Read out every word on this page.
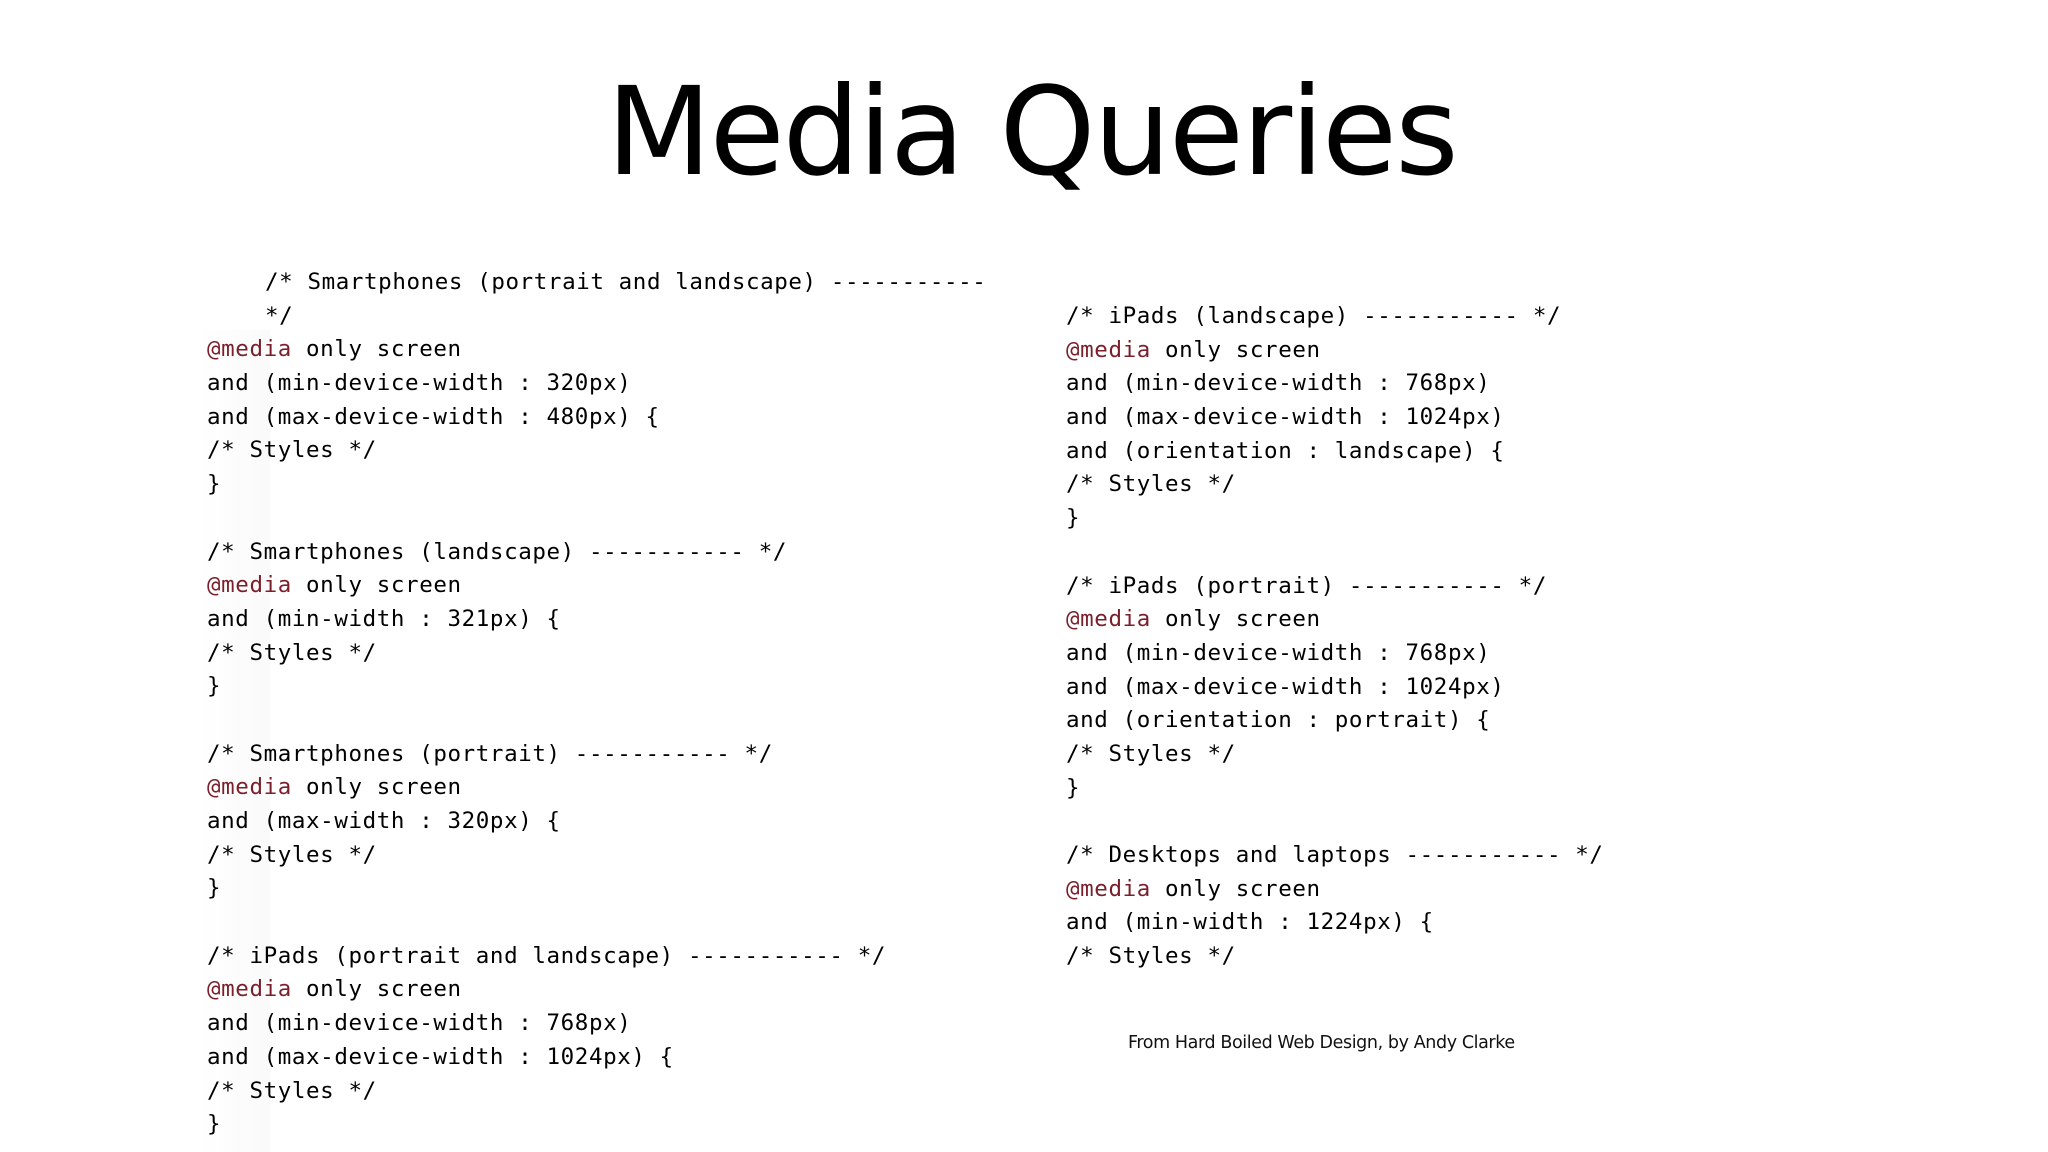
Media Queries
/* Smartphones (portrait and landscape) -----------
*/
@media only screen
and (min-device-width : 320px)
and (max-device-width : 480px) {
/* Styles */
}

/* Smartphones (landscape) ----------- */
@media only screen
and (min-width : 321px) {
/* Styles */
}

/* Smartphones (portrait) ----------- */
@media only screen
and (max-width : 320px) {
/* Styles */
}

/* iPads (portrait and landscape) ----------- */
@media only screen
and (min-device-width : 768px)
and (max-device-width : 1024px) {
/* Styles */
}
/* iPads (landscape) ----------- */
@media only screen
and (min-device-width : 768px)
and (max-device-width : 1024px)
and (orientation : landscape) {
/* Styles */
}

/* iPads (portrait) ----------- */
@media only screen
and (min-device-width : 768px)
and (max-device-width : 1024px)
and (orientation : portrait) {
/* Styles */
}

/* Desktops and laptops ----------- */
@media only screen
and (min-width : 1224px) {
/* Styles */
From Hard Boiled Web Design, by Andy Clarke
